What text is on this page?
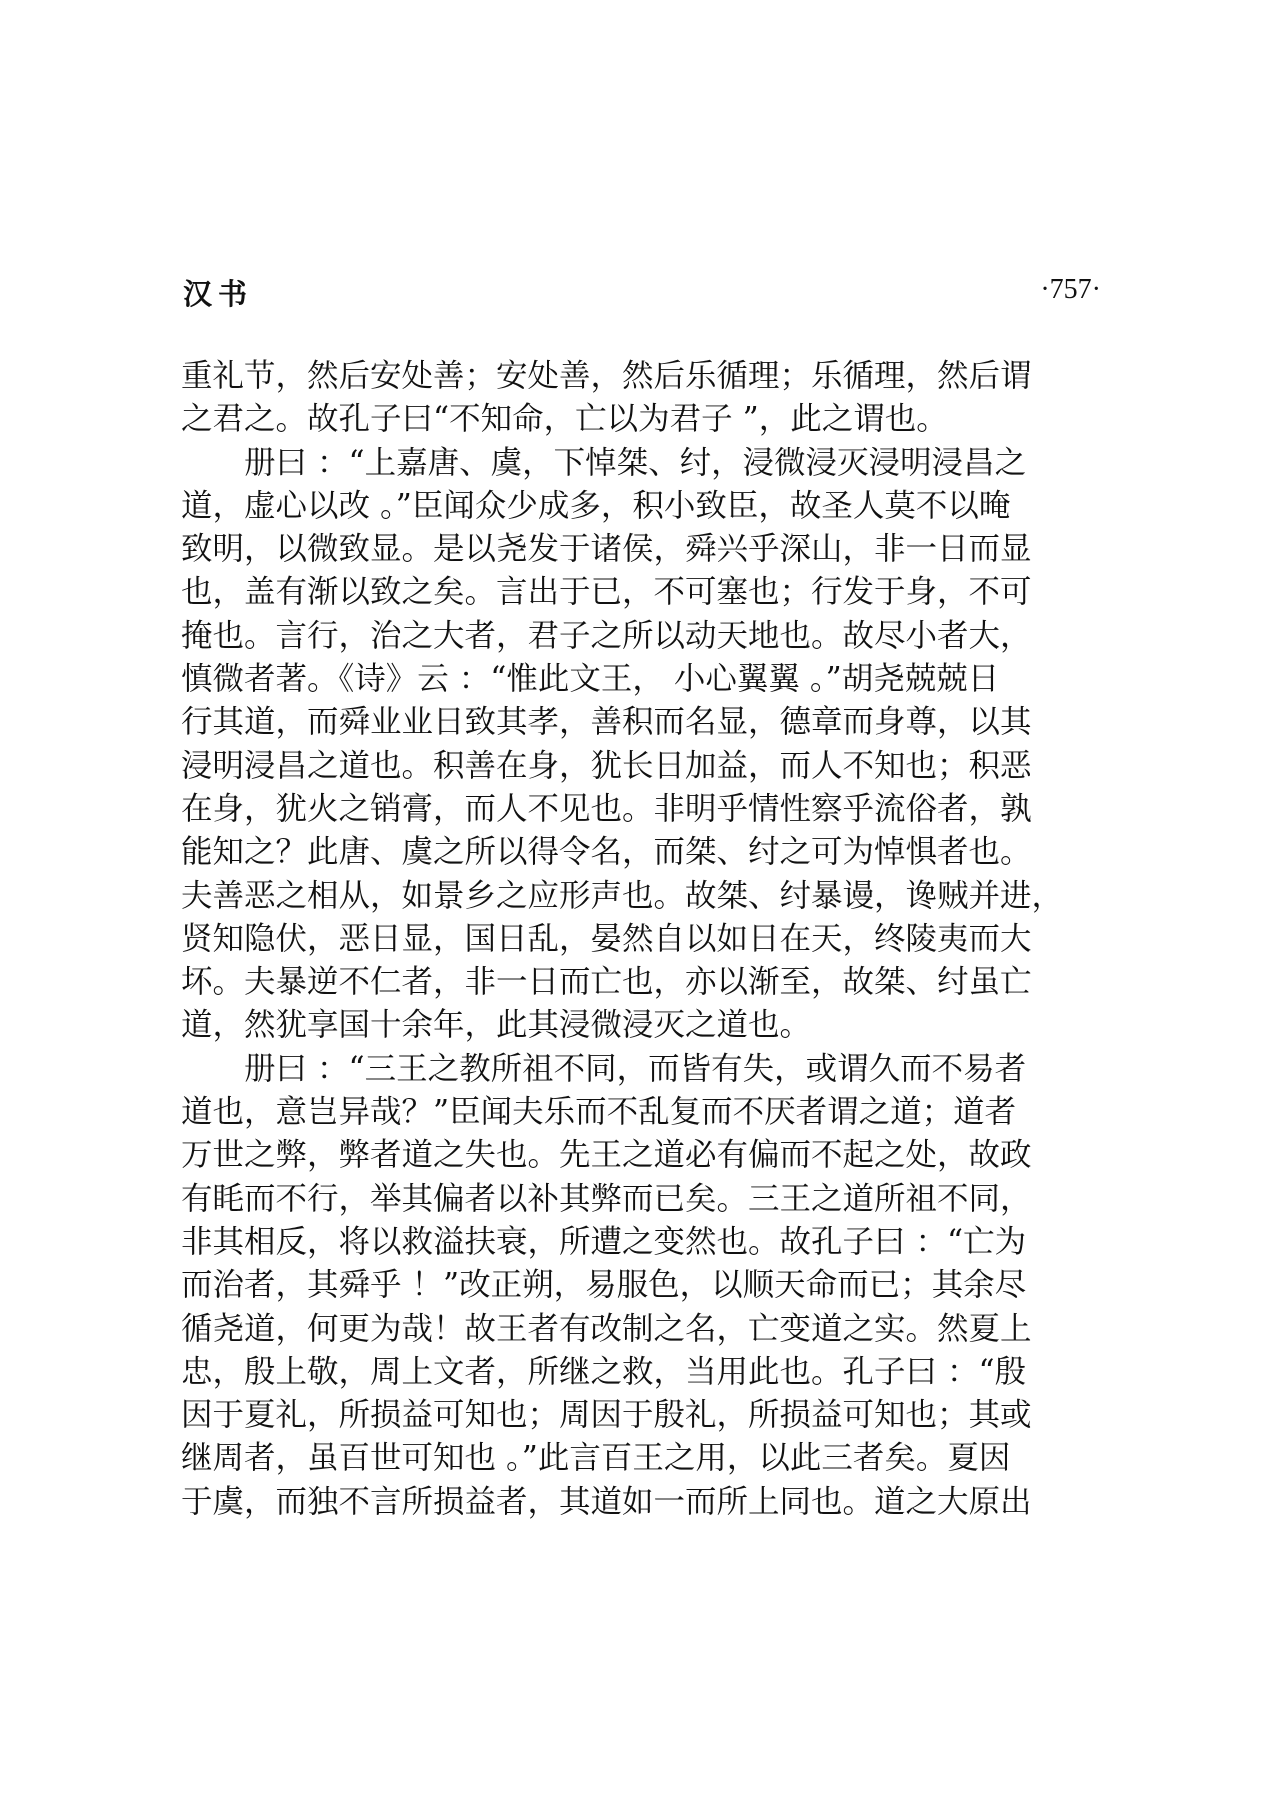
汉书	·757·
重礼节，然后安处善；安处善，然后乐循理；乐循理，然后谓
之君之。故孔子曰“不知命，亡以为君子 ”，此之谓也。
　　册曰 ：“上嘉唐、虞，下悼桀、纣，浸微浸灭浸明浸昌之
道，虚心以改 。”臣闻众少成多，积小致臣，故圣人莫不以晻
致明，以微致显。是以尧发于诸侯，舜兴乎深山，非一日而显
也，盖有渐以致之矣。言出于已，不可塞也；行发于身，不可
掩也。言行，治之大者，君子之所以动天地也。故尽小者大，
慎微者著。《诗》云 ：“惟此文王， 小心翼翼 。”胡尧兢兢日
行其道，而舜业业日致其孝，善积而名显，德章而身尊，以其
浸明浸昌之道也。积善在身，犹长日加益，而人不知也；积恶
在身，犹火之销膏，而人不见也。非明乎情性察乎流俗者，孰
能知之？此唐、虞之所以得令名，而桀、纣之可为悼惧者也。
夫善恶之相从，如景乡之应形声也。故桀、纣暴谩，谗贼并进，
贤知隐伏，恶日显，国日乱，晏然自以如日在天，终陵夷而大
坏。夫暴逆不仁者，非一日而亡也，亦以渐至，故桀、纣虽亡
道，然犹享国十余年，此其浸微浸灭之道也。
　　册曰 ：“三王之教所祖不同，而皆有失，或谓久而不易者
道也，意岂异哉？”臣闻夫乐而不乱复而不厌者谓之道；道者
万世之弊，弊者道之失也。先王之道必有偏而不起之处，故政
有眊而不行，举其偏者以补其弊而已矣。三王之道所祖不同，
非其相反，将以救溢扶衰，所遭之变然也。故孔子曰 ：“亡为
而治者，其舜乎 ！”改正朔，易服色，以顺天命而已；其余尽
循尧道，何更为哉！故王者有改制之名，亡变道之实。然夏上
忠，殷上敬，周上文者，所继之救，当用此也。孔子曰 ：“殷
因于夏礼，所损益可知也；周因于殷礼，所损益可知也；其或
继周者，虽百世可知也 。”此言百王之用，以此三者矣。夏因
于虞，而独不言所损益者，其道如一而所上同也。道之大原出
